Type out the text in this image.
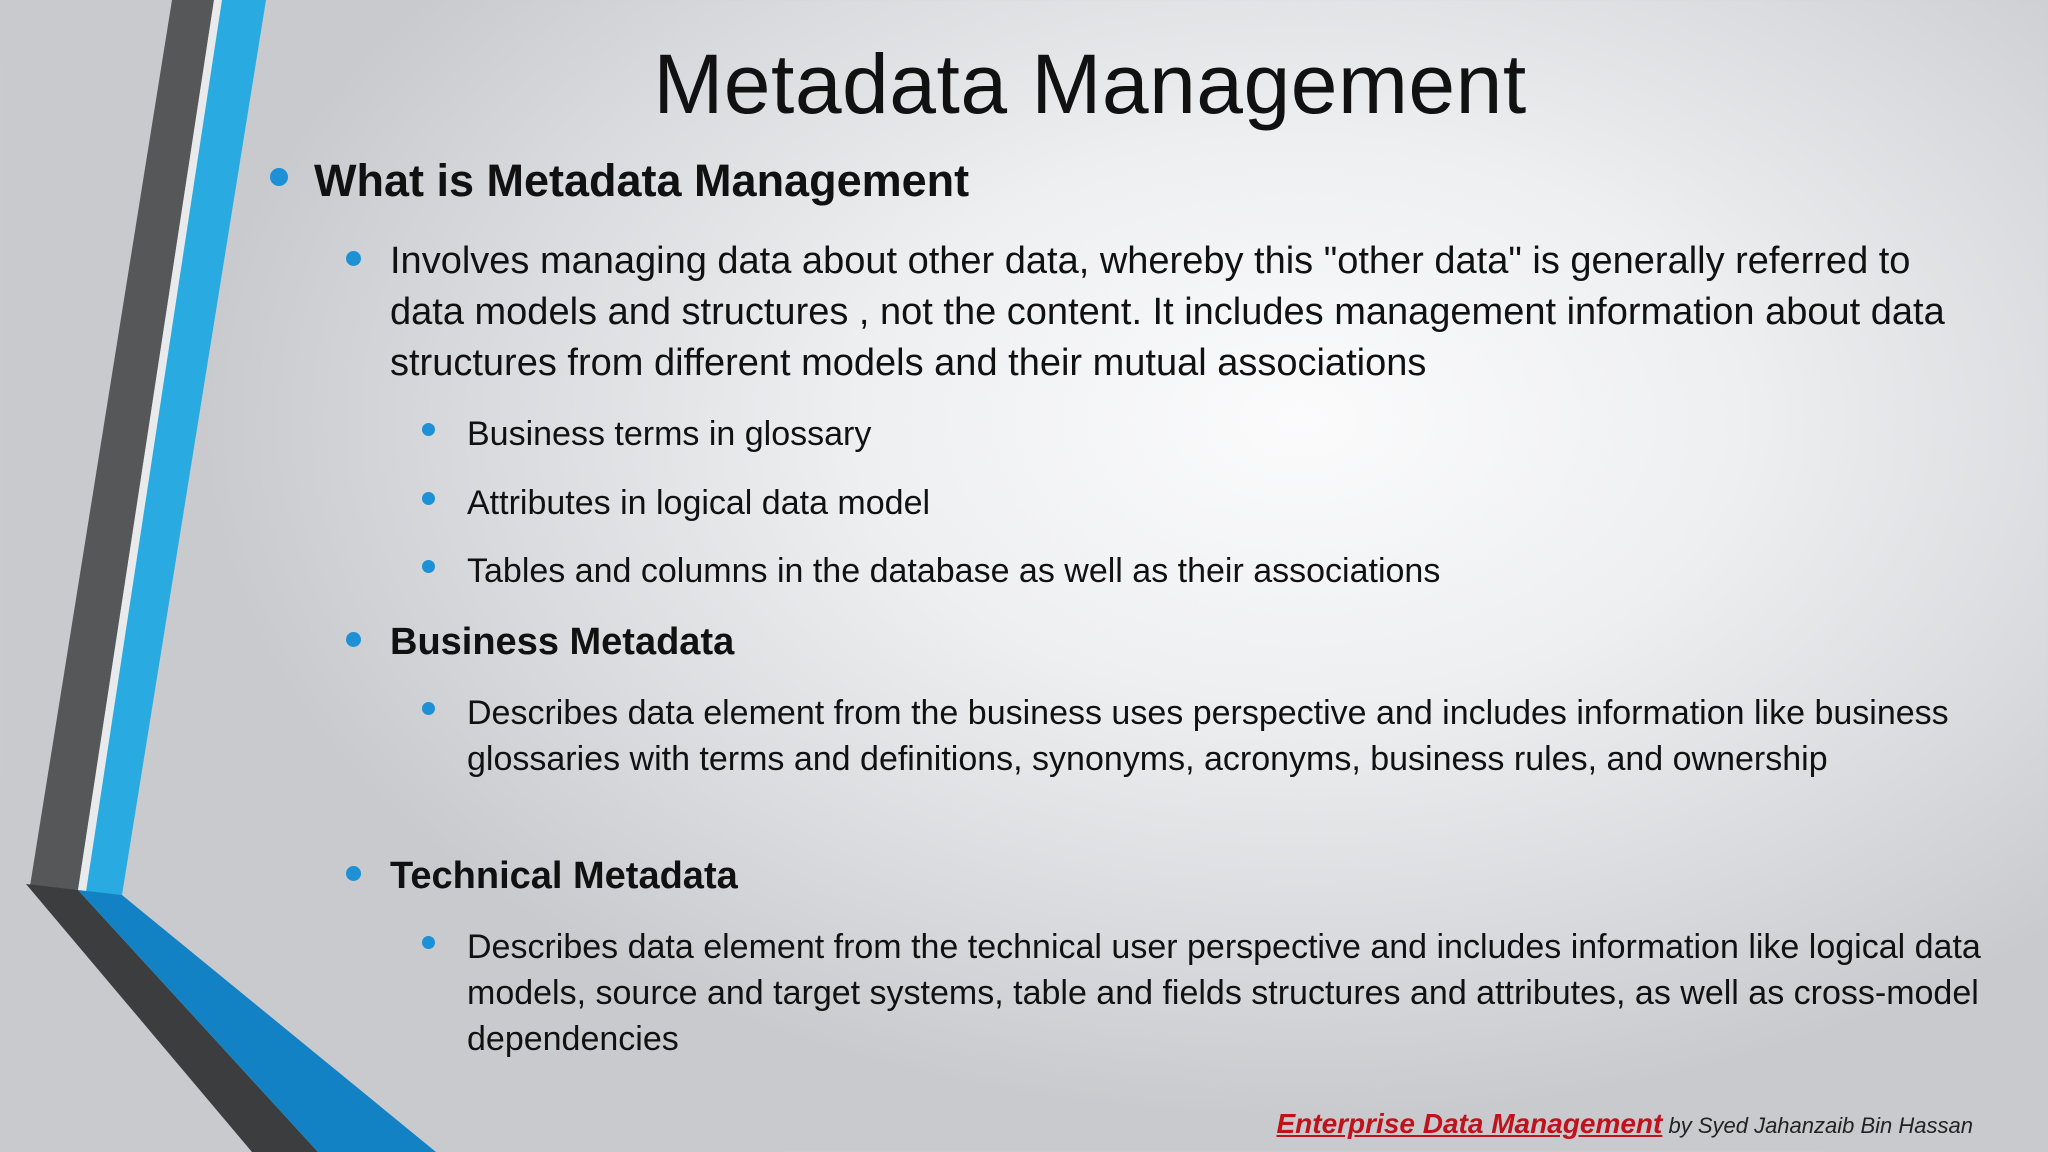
Metadata Management
What is Metadata Management
Involves managing data about other data, whereby this "other data" is generally referred to data models and structures , not the content. It includes management information about data structures from different models and their mutual associations
Business terms in glossary
Attributes in logical data model
Tables and columns in the database as well as their associations
Business Metadata
Describes data element from the business uses perspective and includes information like business glossaries with terms and definitions, synonyms, acronyms, business rules, and ownership
Technical Metadata
Describes data element from the technical user perspective and includes information like logical data models, source and target systems, table and fields structures and attributes, as well as cross-model dependencies
Enterprise Data Management by Syed Jahanzaib Bin Hassan
